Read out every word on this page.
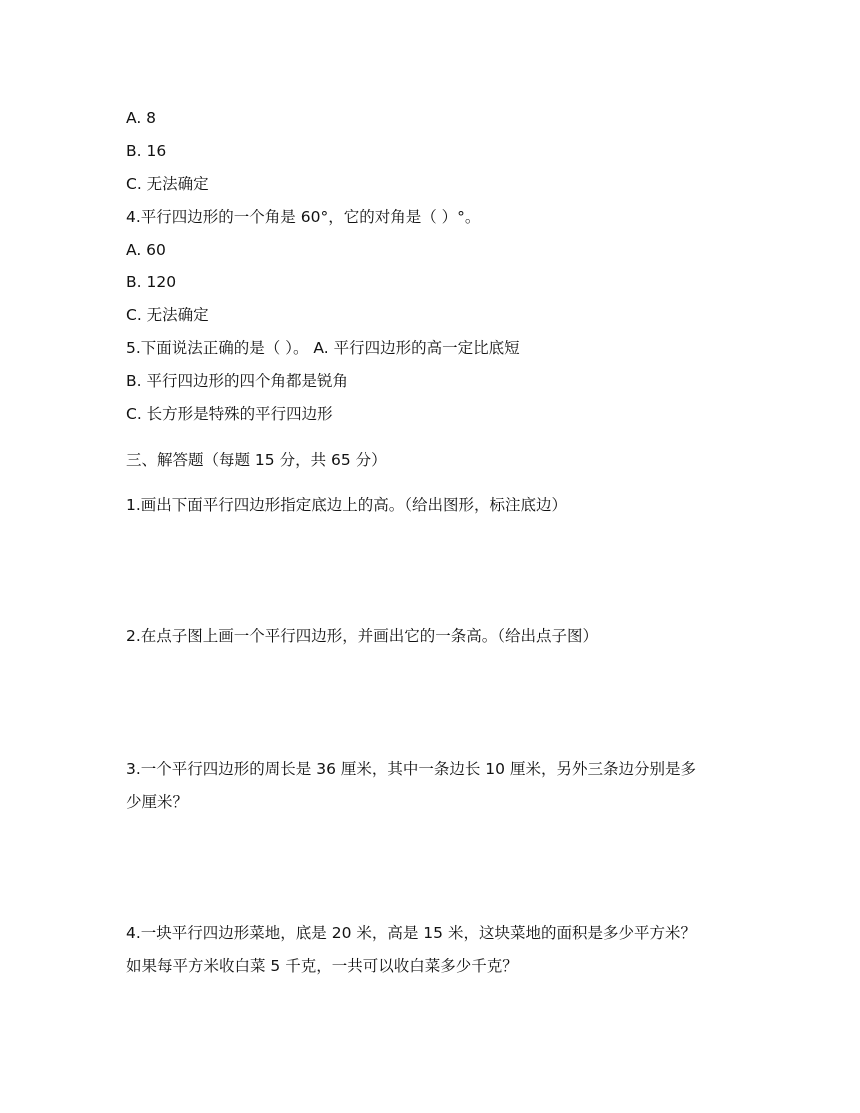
A. 8
B. 16
C. 无法确定
4.平行四边形的一个角是 60°，它的对角是（ ）°。
A. 60
B. 120
C. 无法确定
5.下面说法正确的是（ ）。 A. 平行四边形的高一定比底短
B. 平行四边形的四个角都是锐角
C. 长方形是特殊的平行四边形
三、解答题（每题 15 分，共 65 分）
1.画出下面平行四边形指定底边上的高。（给出图形，标注底边）
2.在点子图上画一个平行四边形，并画出它的一条高。（给出点子图）
3.一个平行四边形的周长是 36 厘米，其中一条边长 10 厘米，另外三条边分别是多
少厘米？
4.一块平行四边形菜地，底是 20 米，高是 15 米，这块菜地的面积是多少平方米？
如果每平方米收白菜 5 千克，一共可以收白菜多少千克？
